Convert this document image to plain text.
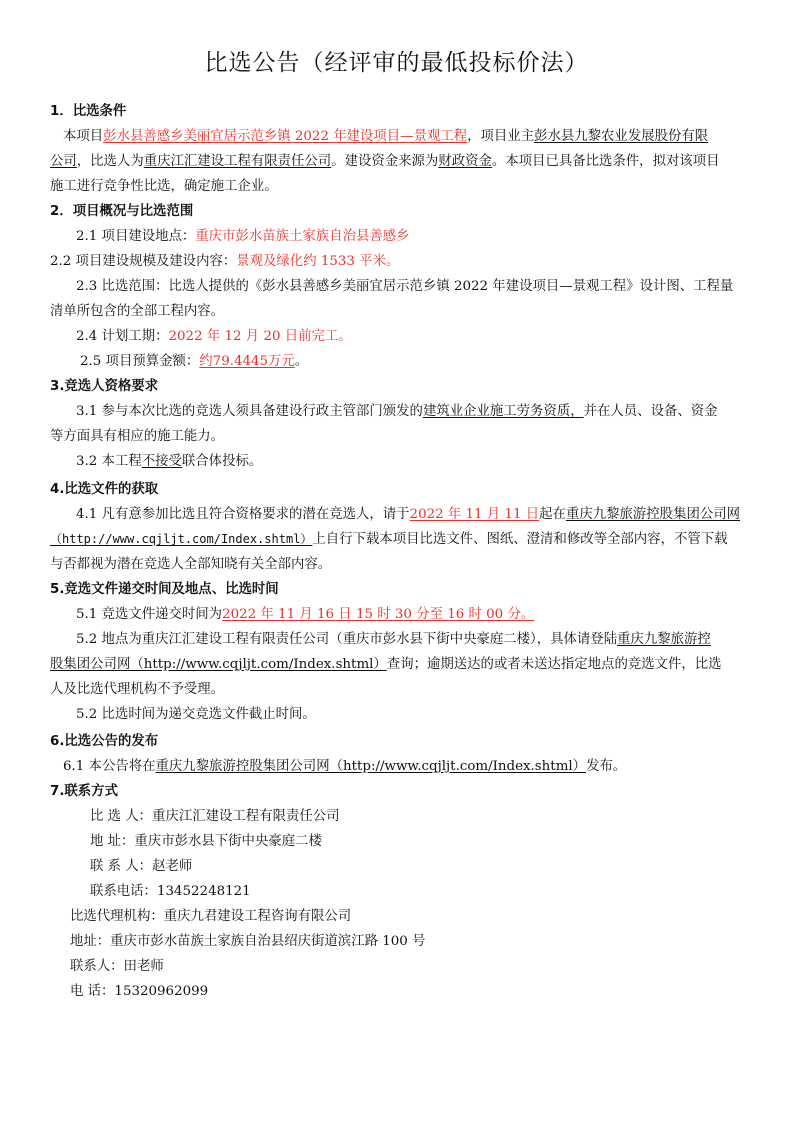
比选公告（经评审的最低投标价法）
1．比选条件
本项目彭水县善感乡美丽宜居示范乡镇 2022 年建设项目—景观工程，项目业主彭水县九黎农业发展股份有限
公司，比选人为重庆江汇建设工程有限责任公司。建设资金来源为财政资金。本项目已具备比选条件，拟对该项目
施工进行竞争性比选，确定施工企业。
2．项目概况与比选范围
2.1 项目建设地点：重庆市彭水苗族土家族自治县善感乡
2.2 项目建设规模及建设内容：景观及绿化约 1533 平米。
2.3 比选范围：比选人提供的《彭水县善感乡美丽宜居示范乡镇 2022 年建设项目—景观工程》设计图、工程量
清单所包含的全部工程内容。
2.4 计划工期：2022 年 12 月 20 日前完工。
2.5 项目预算金额：约79.4445万元。
3.竞选人资格要求
3.1 参与本次比选的竞选人须具备建设行政主管部门颁发的建筑业企业施工劳务资质，并在人员、设备、资金
等方面具有相应的施工能力。
3.2 本工程不接受联合体投标。
4.比选文件的获取
4.1 凡有意参加比选且符合资格要求的潜在竞选人，请于2022 年 11 月 11 日起在重庆九黎旅游控股集团公司网
（http://www.cqjljt.com/Index.shtml）上自行下载本项目比选文件、图纸、澄清和修改等全部内容，不管下载
与否都视为潜在竞选人全部知晓有关全部内容。
5.竞选文件递交时间及地点、比选时间
5.1 竞选文件递交时间为2022 年 11 月 16 日 15 时 30 分至 16 时 00 分。
5.2 地点为重庆江汇建设工程有限责任公司（重庆市彭水县下街中央豪庭二楼），具体请登陆重庆九黎旅游控
股集团公司网（http://www.cqjljt.com/Index.shtml）查询；逾期送达的或者未送达指定地点的竞选文件，比选
人及比选代理机构不予受理。
5.2 比选时间为递交竞选文件截止时间。
6.比选公告的发布
6.1 本公告将在重庆九黎旅游控股集团公司网（http://www.cqjljt.com/Index.shtml）发布。
7.联系方式
比 选 人：重庆江汇建设工程有限责任公司
地 址：重庆市彭水县下街中央豪庭二楼
联 系 人：赵老师
联系电话：13452248121
比选代理机构：重庆九君建设工程咨询有限公司
地址：重庆市彭水苗族土家族自治县绍庆街道滨江路 100 号
联系人：田老师
电 话：15320962099
